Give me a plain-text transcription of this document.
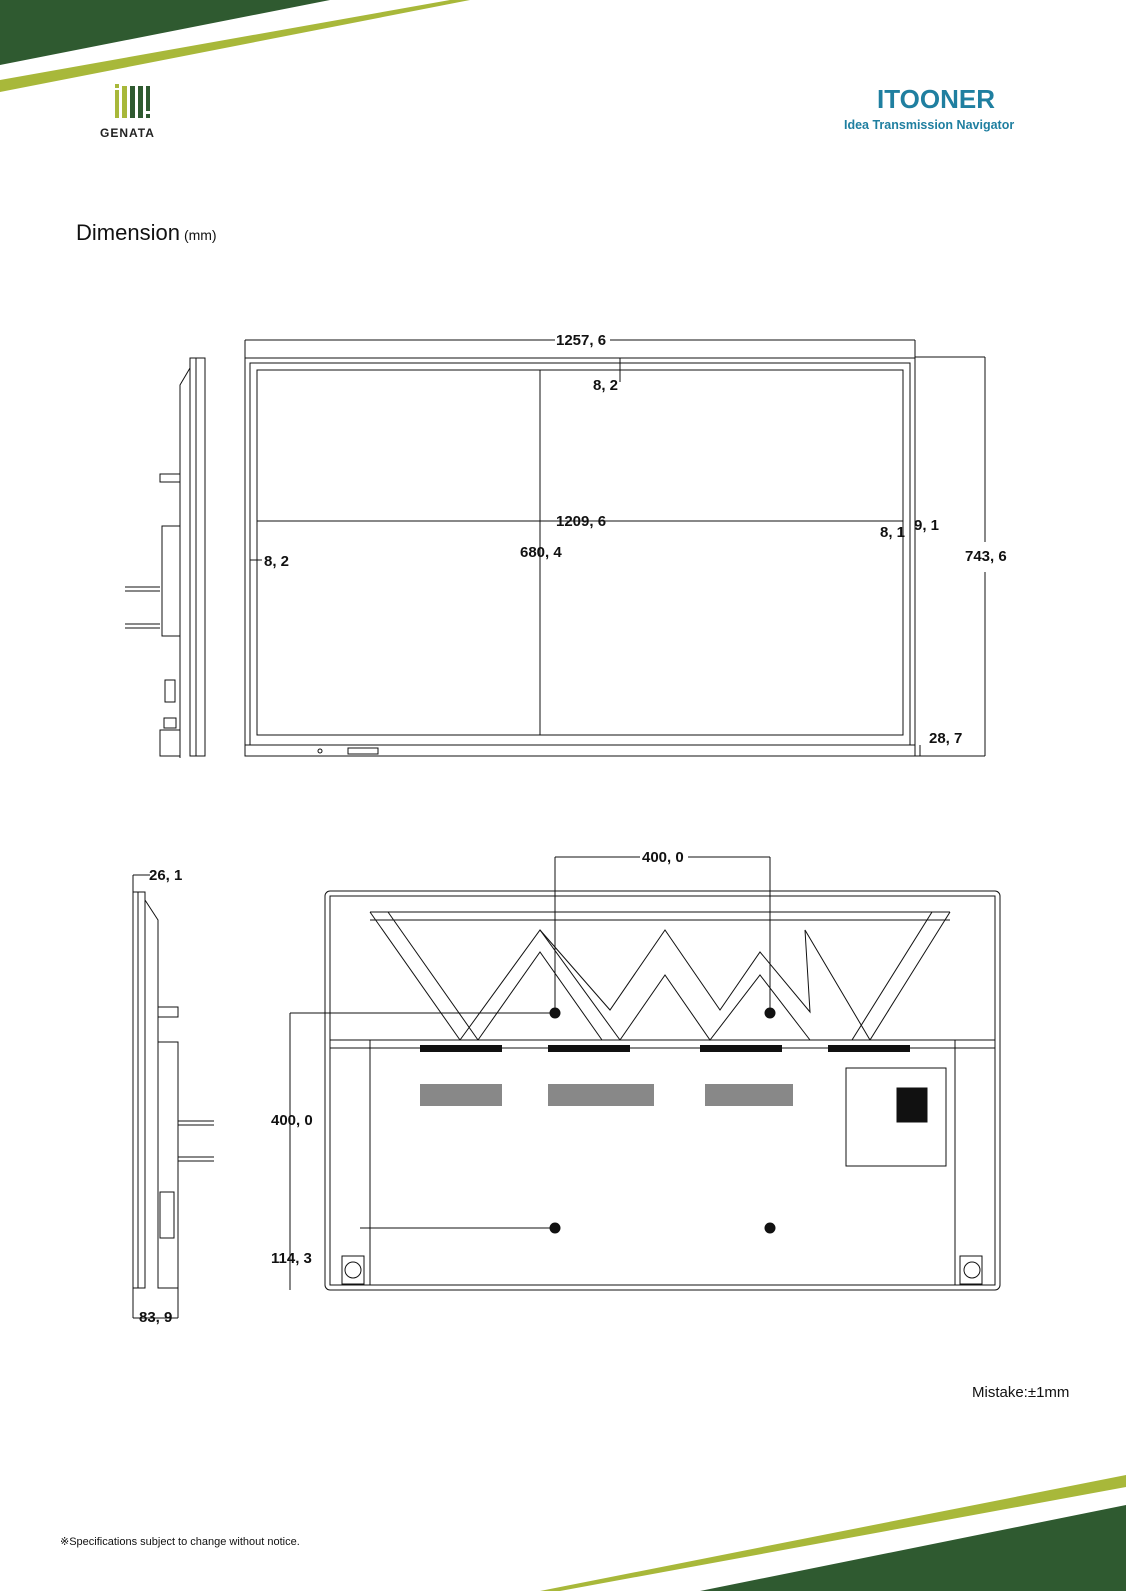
1257, 6
8, 2
1209, 6
680, 4
8, 2
8, 1 9, 1
743, 6
28, 7
26, 1
83, 9
400, 0
400, 0
114, 3
GENATA
ITOONER
Idea Transmission Navigator
Dimension (mm)
Mistake:±1mm
※Specifications subject to change without notice.
